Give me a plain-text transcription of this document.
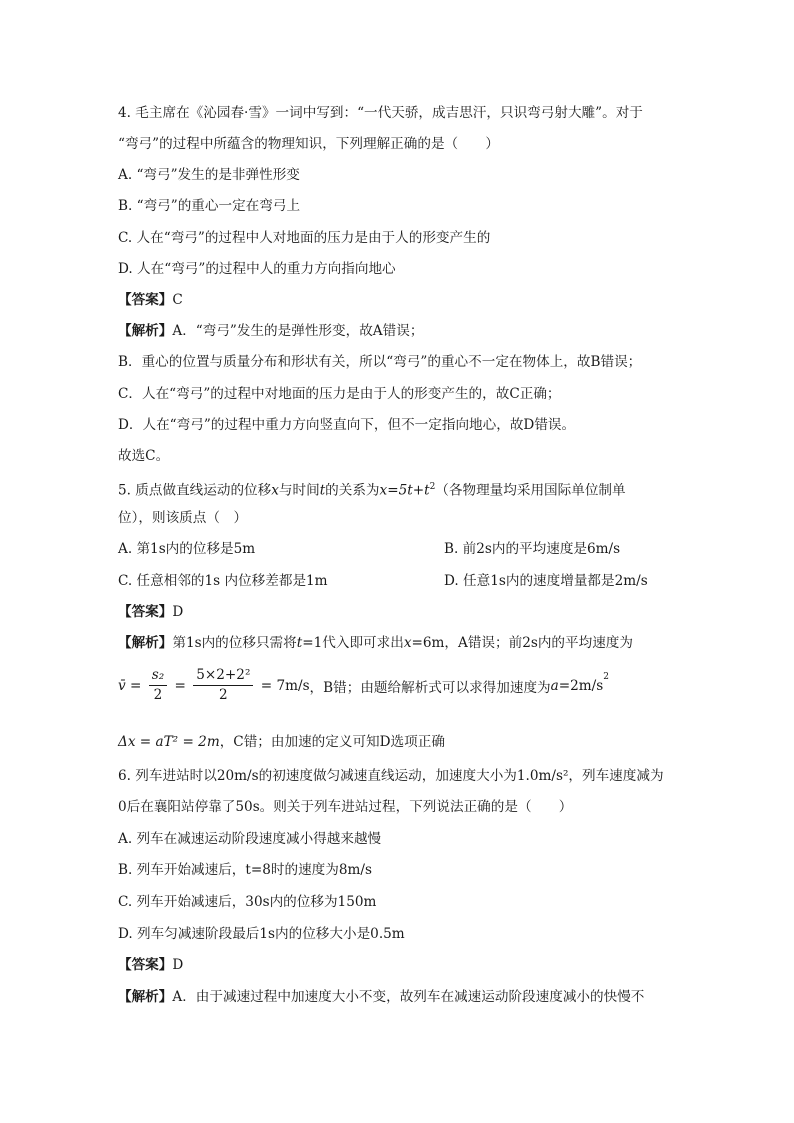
4. 毛主席在《沁园春·雪》一词中写到：“一代天骄，成吉思汗，只识弯弓射大雕”。对于
“弯弓”的过程中所蕴含的物理知识，下列理解正确的是（　　）
A. “弯弓”发生的是非弹性形变
B. “弯弓”的重心一定在弯弓上
C. 人在“弯弓”的过程中人对地面的压力是由于人的形变产生的
D. 人在“弯弓”的过程中人的重力方向指向地心
【答案】C
【解析】A．“弯弓”发生的是弹性形变，故A错误；
B．重心的位置与质量分布和形状有关，所以“弯弓”的重心不一定在物体上，故B错误；
C．人在“弯弓”的过程中对地面的压力是由于人的形变产生的，故C正确；
D．人在“弯弓”的过程中重力方向竖直向下，但不一定指向地心，故D错误。
故选C。
5. 质点做直线运动的位移x与时间t的关系为$x=5t+t^2$（各物理量均采用国际单位制单
位），则该质点（　）
A. 第1s内的位移是5m	B. 前2s内的平均速度是6m/s
C. 任意相邻的1s 内位移差都是1m	D. 任意1s内的速度增量都是2m/s
【答案】D
【解析】第1s内的位移只需将t=1代入即可求出x=6m，A错误；前2s内的平均速度为
v̄ = $\frac{\text{s₂}}{2} = \frac{\text{5×2+2²}}{2} = 7m/s$，B错；由题给解析式可以求得加速度为$a=2m/s^2$
Δx = aT² = 2m，C错；由加速的定义可知D选项正确
6. 列车进站时以20m/s的初速度做匀减速直线运动，加速度大小为1.0m/s²，列车速度减为
0后在襄阳站停靠了50s。则关于列车进站过程，下列说法正确的是（　　）
A. 列车在减速运动阶段速度减小得越来越慢
B. 列车开始减速后，t=8时的速度为8m/s
C. 列车开始减速后，30s内的位移为150m
D. 列车匀减速阶段最后1s内的位移大小是0.5m
【答案】D
【解析】A．由于减速过程中加速度大小不变，故列车在减速运动阶段速度减小的快慢不
